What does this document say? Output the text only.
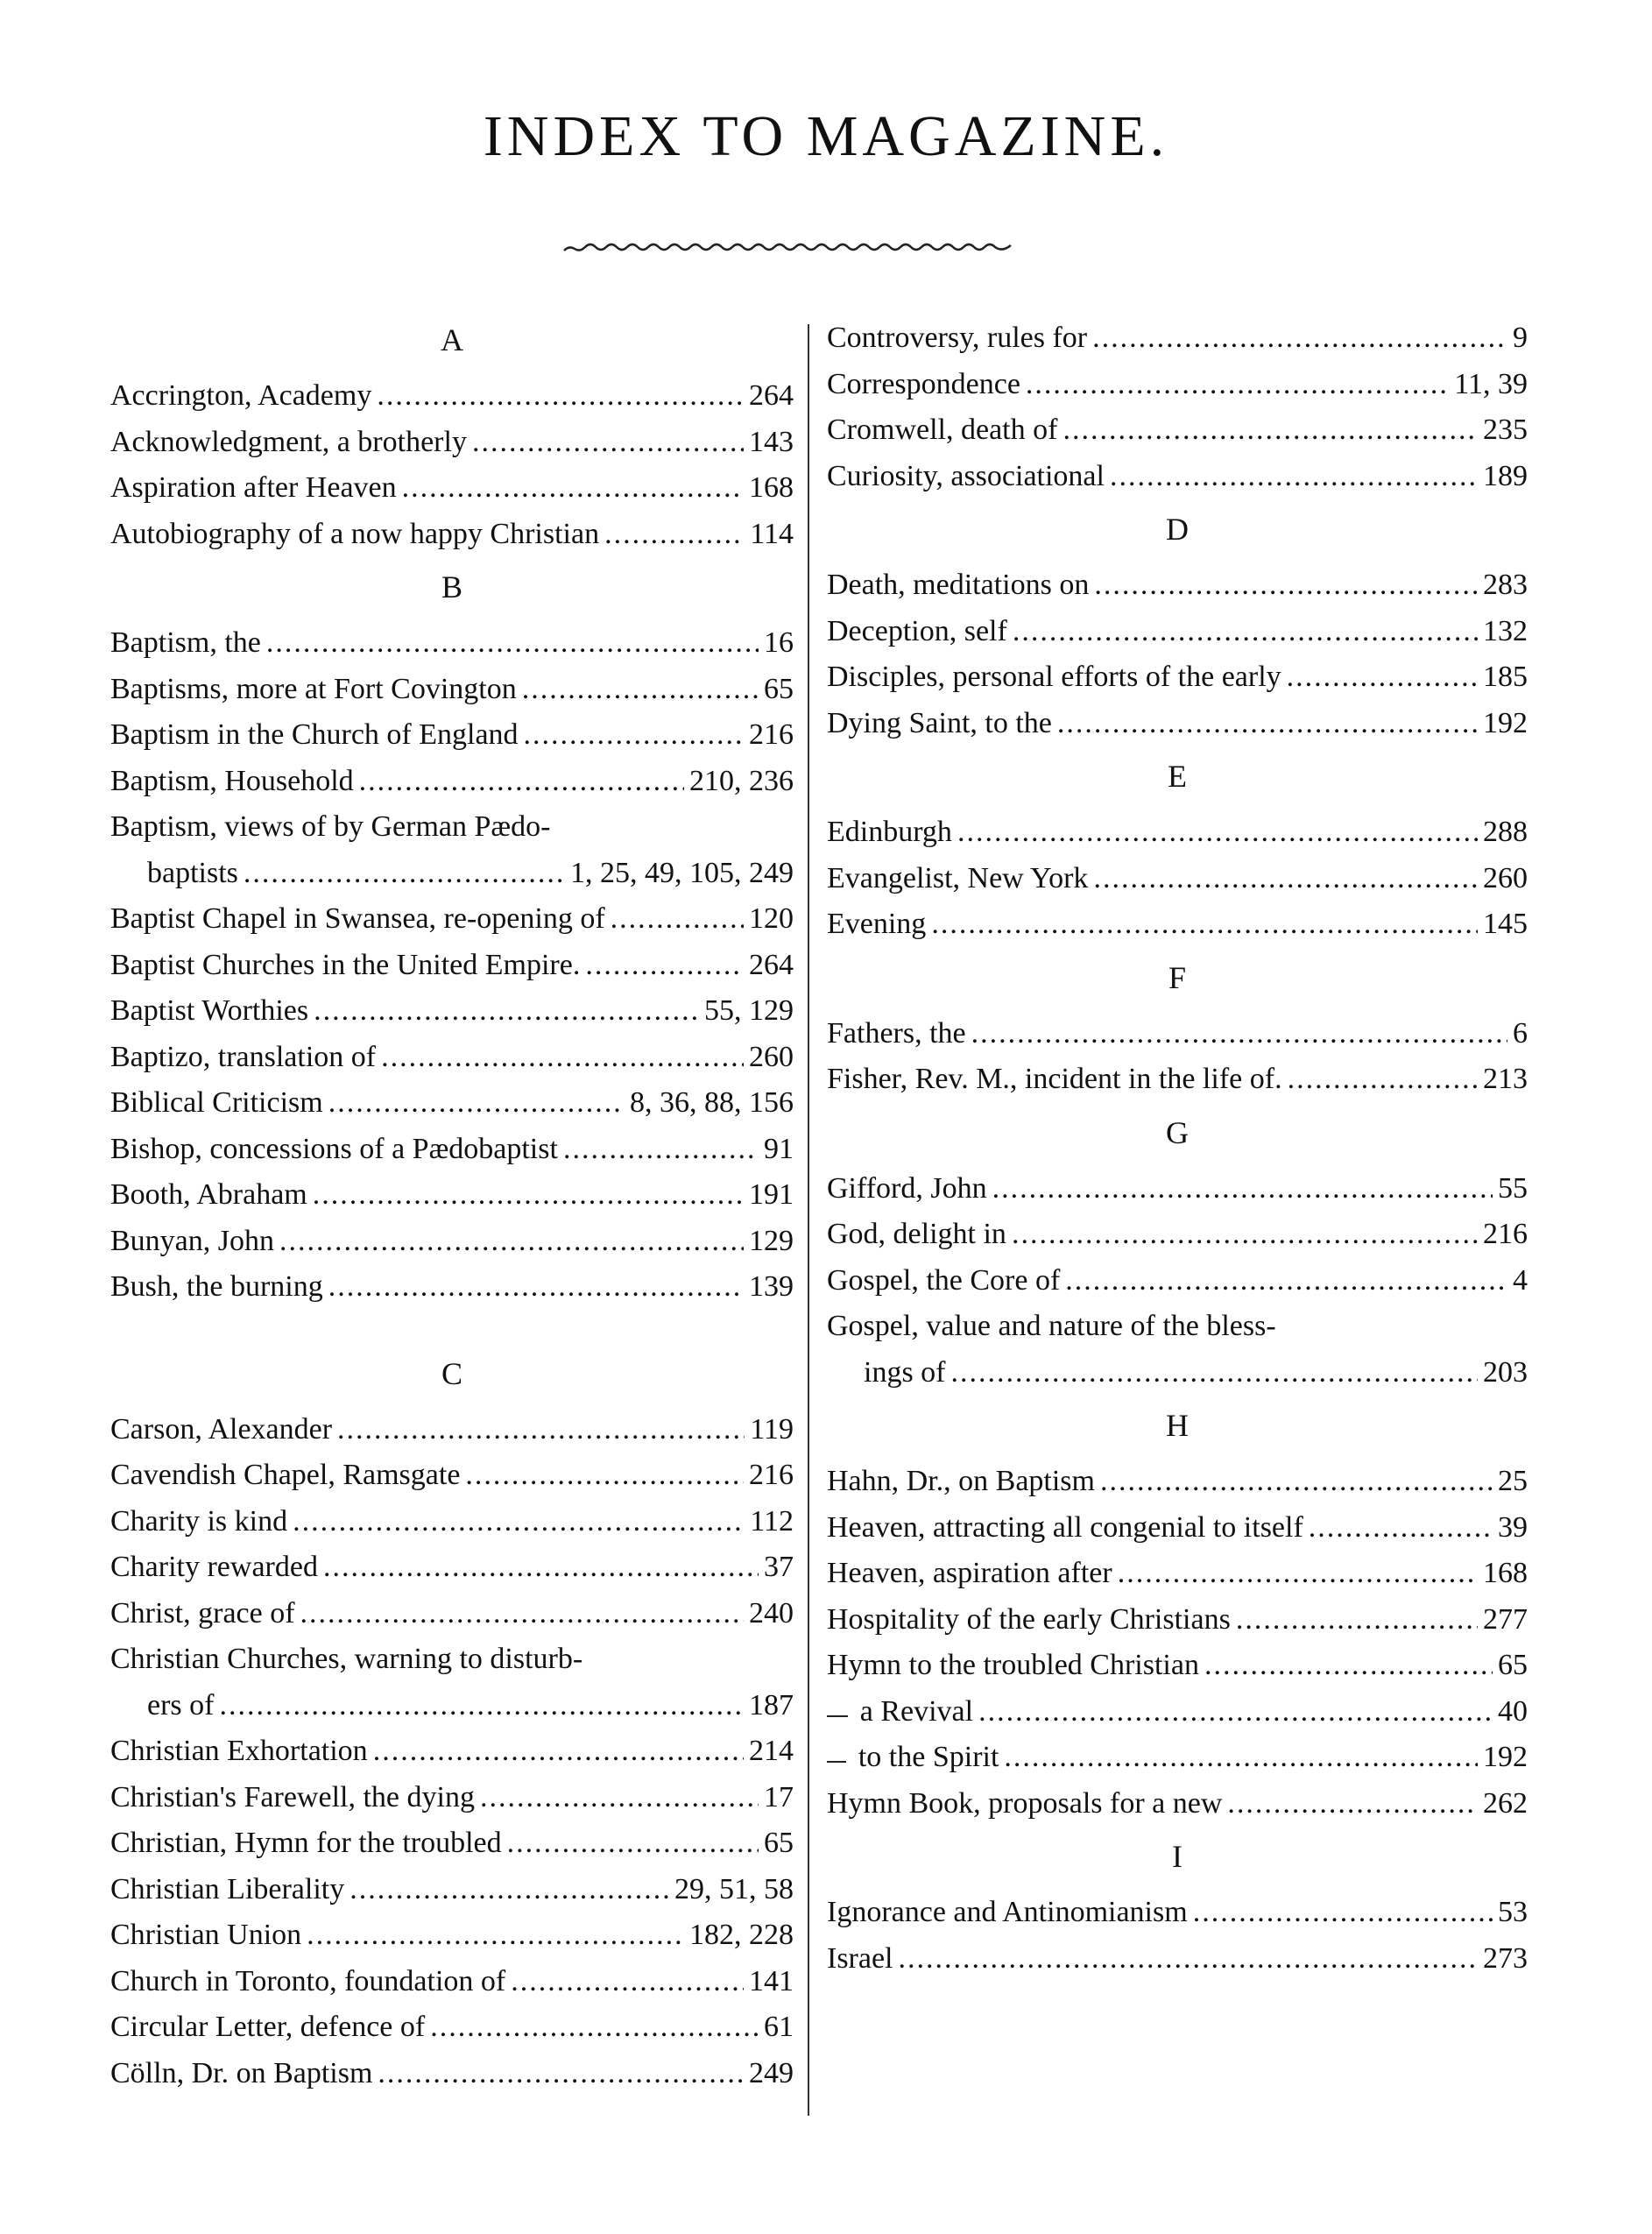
INDEX TO MAGAZINE.
A
Accrington, Academy .....	264
Acknowledgment, a brotherly .....	143
Aspiration after Heaven .....	168
Autobiography of a now happy Christian .....	114
B
Baptism, the .....	16
Baptisms, more at Fort Covington .....	65
Baptism in the Church of England .....	216
Baptism, Household .....	210, 236
Baptism, views of by German Pædo-
baptists .....	1, 25, 49, 105, 249
Baptist Chapel in Swansea, re-opening of .....	120
Baptist Churches in the United Empire. .....	264
Baptist Worthies .....	55, 129
Baptizo, translation of .....	260
Biblical Criticism .....	8, 36, 88, 156
Bishop, concessions of a Pædobaptist .....	91
Booth, Abraham .....	191
Bunyan, John .....	129
Bush, the burning .....	139
C
Carson, Alexander .....	119
Cavendish Chapel, Ramsgate .....	216
Charity is kind .....	112
Charity rewarded .....	37
Christ, grace of .....	240
Christian Churches, warning to disturb-
ers of .....	187
Christian Exhortation .....	214
Christian's Farewell, the dying .....	17
Christian, Hymn for the troubled .....	65
Christian Liberality .....	29, 51, 58
Christian Union .....	182, 228
Church in Toronto, foundation of .....	141
Circular Letter, defence of .....	61
Cölln, Dr. on Baptism .....	249
Controversy, rules for .....	9
Correspondence .....	11, 39
Cromwell, death of .....	235
Curiosity, associational .....	189
D
Death, meditations on .....	283
Deception, self .....	132
Disciples, personal efforts of the early .....	185
Dying Saint, to the .....	192
E
Edinburgh .....	288
Evangelist, New York .....	260
Evening .....	145
F
Fathers, the .....	6
Fisher, Rev. M., incident in the life of. .....	213
G
Gifford, John .....	55
God, delight in .....	216
Gospel, the Core of .....	4
Gospel, value and nature of the bless-
ings of .....	203
H
Hahn, Dr., on Baptism .....	25
Heaven, attracting all congenial to itself .....	39
Heaven, aspiration after .....	168
Hospitality of the early Christians .....	277
Hymn to the troubled Christian .....	65
a Revival .....	40
to the Spirit .....	192
Hymn Book, proposals for a new .....	262
I
Ignorance and Antinomianism .....	53
Israel .....	273
